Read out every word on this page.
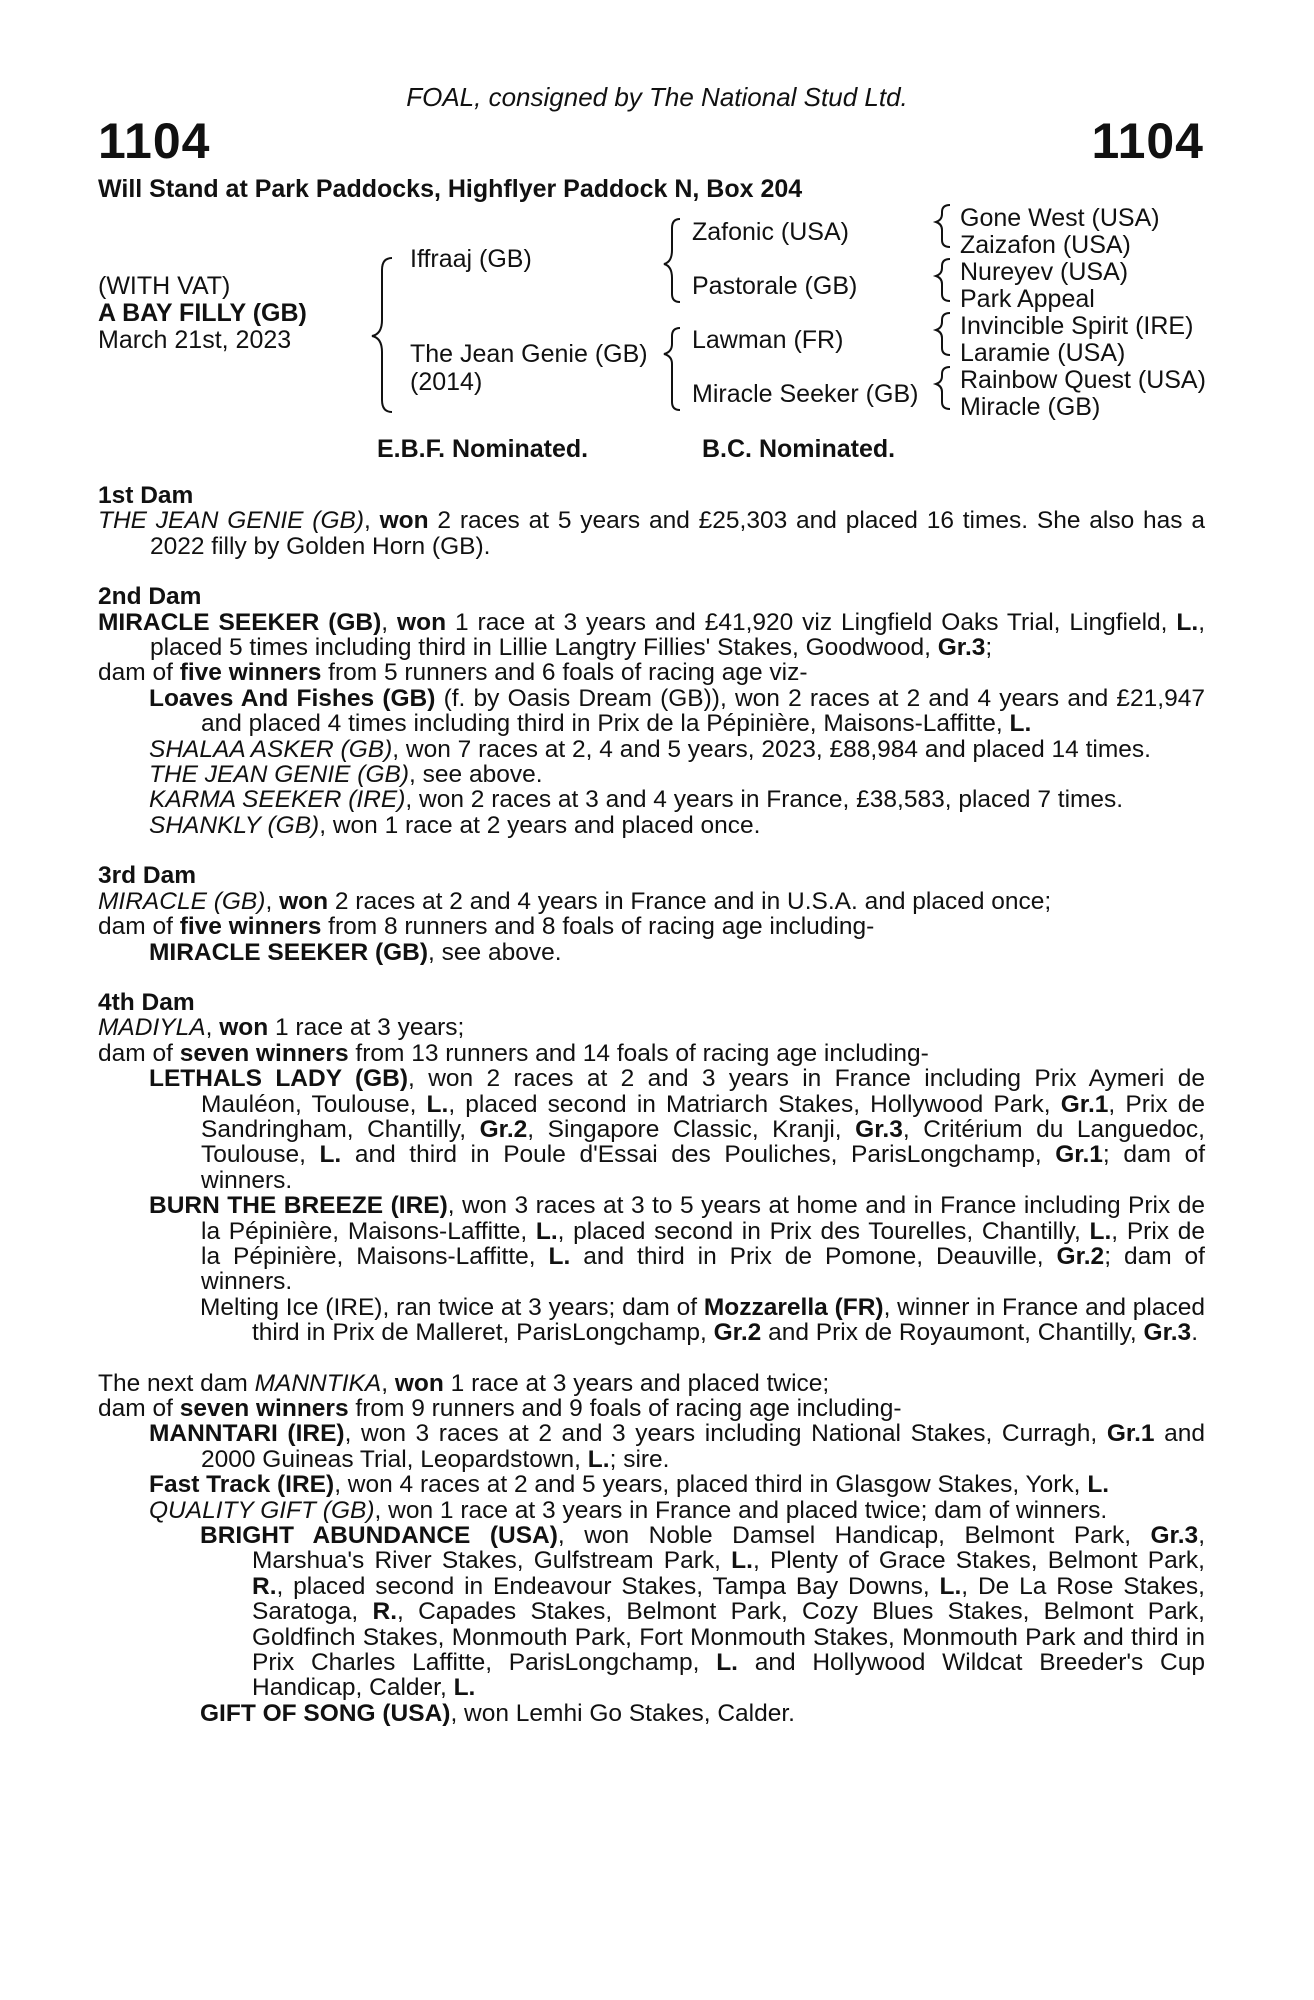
FOAL, consigned by The National Stud Ltd.
1104	1104
Will Stand at Park Paddocks, Highflyer Paddock N, Box 204
(WITH VAT)
A BAY FILLY (GB)
March 21st, 2023
Iffraaj (GB)
The Jean Genie (GB)
(2014)
Zafonic (USA)
Pastorale (GB)
Lawman (FR)
Miracle Seeker (GB)
Gone West (USA)
Zaizafon (USA)
Nureyev (USA)
Park Appeal
Invincible Spirit (IRE)
Laramie (USA)
Rainbow Quest (USA)
Miracle (GB)
E.B.F. Nominated.	B.C. Nominated.
1st Dam
THE JEAN GENIE (GB), won 2 races at 5 years and £25,303 and placed 16 times. She also has a 2022 filly by Golden Horn (GB).
2nd Dam
MIRACLE SEEKER (GB), won 1 race at 3 years and £41,920 viz Lingfield Oaks Trial, Lingfield, L., placed 5 times including third in Lillie Langtry Fillies' Stakes, Goodwood, Gr.3;
dam of five winners from 5 runners and 6 foals of racing age viz-
Loaves And Fishes (GB) (f. by Oasis Dream (GB)), won 2 races at 2 and 4 years and £21,947 and placed 4 times including third in Prix de la Pépinière, Maisons-Laffitte, L.
SHALAA ASKER (GB), won 7 races at 2, 4 and 5 years, 2023, £88,984 and placed 14 times.
THE JEAN GENIE (GB), see above.
KARMA SEEKER (IRE), won 2 races at 3 and 4 years in France, £38,583, placed 7 times.
SHANKLY (GB), won 1 race at 2 years and placed once.
3rd Dam
MIRACLE (GB), won 2 races at 2 and 4 years in France and in U.S.A. and placed once;
dam of five winners from 8 runners and 8 foals of racing age including-
MIRACLE SEEKER (GB), see above.
4th Dam
MADIYLA, won 1 race at 3 years;
dam of seven winners from 13 runners and 14 foals of racing age including-
LETHALS LADY (GB), won 2 races at 2 and 3 years in France including Prix Aymeri de Mauléon, Toulouse, L., placed second in Matriarch Stakes, Hollywood Park, Gr.1, Prix de Sandringham, Chantilly, Gr.2, Singapore Classic, Kranji, Gr.3, Critérium du Languedoc, Toulouse, L. and third in Poule d'Essai des Pouliches, ParisLongchamp, Gr.1; dam of winners.
BURN THE BREEZE (IRE), won 3 races at 3 to 5 years at home and in France including Prix de la Pépinière, Maisons-Laffitte, L., placed second in Prix des Tourelles, Chantilly, L., Prix de la Pépinière, Maisons-Laffitte, L. and third in Prix de Pomone, Deauville, Gr.2; dam of winners.
Melting Ice (IRE), ran twice at 3 years; dam of Mozzarella (FR), winner in France and placed third in Prix de Malleret, ParisLongchamp, Gr.2 and Prix de Royaumont, Chantilly, Gr.3.
The next dam MANNTIKA, won 1 race at 3 years and placed twice;
dam of seven winners from 9 runners and 9 foals of racing age including-
MANNTARI (IRE), won 3 races at 2 and 3 years including National Stakes, Curragh, Gr.1 and 2000 Guineas Trial, Leopardstown, L.; sire.
Fast Track (IRE), won 4 races at 2 and 5 years, placed third in Glasgow Stakes, York, L.
QUALITY GIFT (GB), won 1 race at 3 years in France and placed twice; dam of winners.
BRIGHT ABUNDANCE (USA), won Noble Damsel Handicap, Belmont Park, Gr.3, Marshua's River Stakes, Gulfstream Park, L., Plenty of Grace Stakes, Belmont Park, R., placed second in Endeavour Stakes, Tampa Bay Downs, L., De La Rose Stakes, Saratoga, R., Capades Stakes, Belmont Park, Cozy Blues Stakes, Belmont Park, Goldfinch Stakes, Monmouth Park, Fort Monmouth Stakes, Monmouth Park and third in Prix Charles Laffitte, ParisLongchamp, L. and Hollywood Wildcat Breeder's Cup Handicap, Calder, L.
GIFT OF SONG (USA), won Lemhi Go Stakes, Calder.
